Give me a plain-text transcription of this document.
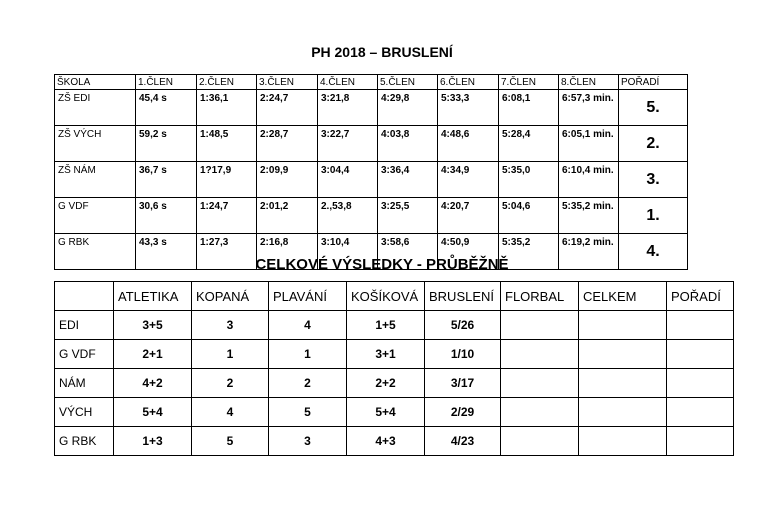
PH 2018 – BRUSLENÍ
ŠKOLA	1.ČLEN	2.ČLEN	3.ČLEN	4.ČLEN	5.ČLEN	6.ČLEN	7.ČLEN	8.ČLEN	POŘADÍ
ZŠ EDI	45,4 s	1:36,1	2:24,7	3:21,8	4:29,8	5:33,3	6:08,1	6:57,3 min.	5.
ZŠ VÝCH	59,2 s	1:48,5	2:28,7	3:22,7	4:03,8	4:48,6	5:28,4	6:05,1 min.	2.
ZŠ NÁM	36,7 s	1?17,9	2:09,9	3:04,4	3:36,4	4:34,9	5:35,0	6:10,4 min.	3.
G VDF	30,6 s	1:24,7	2:01,2	2.,53,8	3:25,5	4:20,7	5:04,6	5:35,2 min.	1.
G RBK	43,3 s	1:27,3	2:16,8	3:10,4	3:58,6	4:50,9	5:35,2	6:19,2 min.	4.
CELKOVÉ VÝSLEDKY - PRŮBĚŽNĚ
	ATLETIKA	KOPANÁ	PLAVÁNÍ	KOŠÍKOVÁ	BRUSLENÍ	FLORBAL	CELKEM	POŘADÍ
EDI	3+5	3	4	1+5	5/26			
G VDF	2+1	1	1	3+1	1/10			
NÁM	4+2	2	2	2+2	3/17			
VÝCH	5+4	4	5	5+4	2/29			
G RBK	1+3	5	3	4+3	4/23			
